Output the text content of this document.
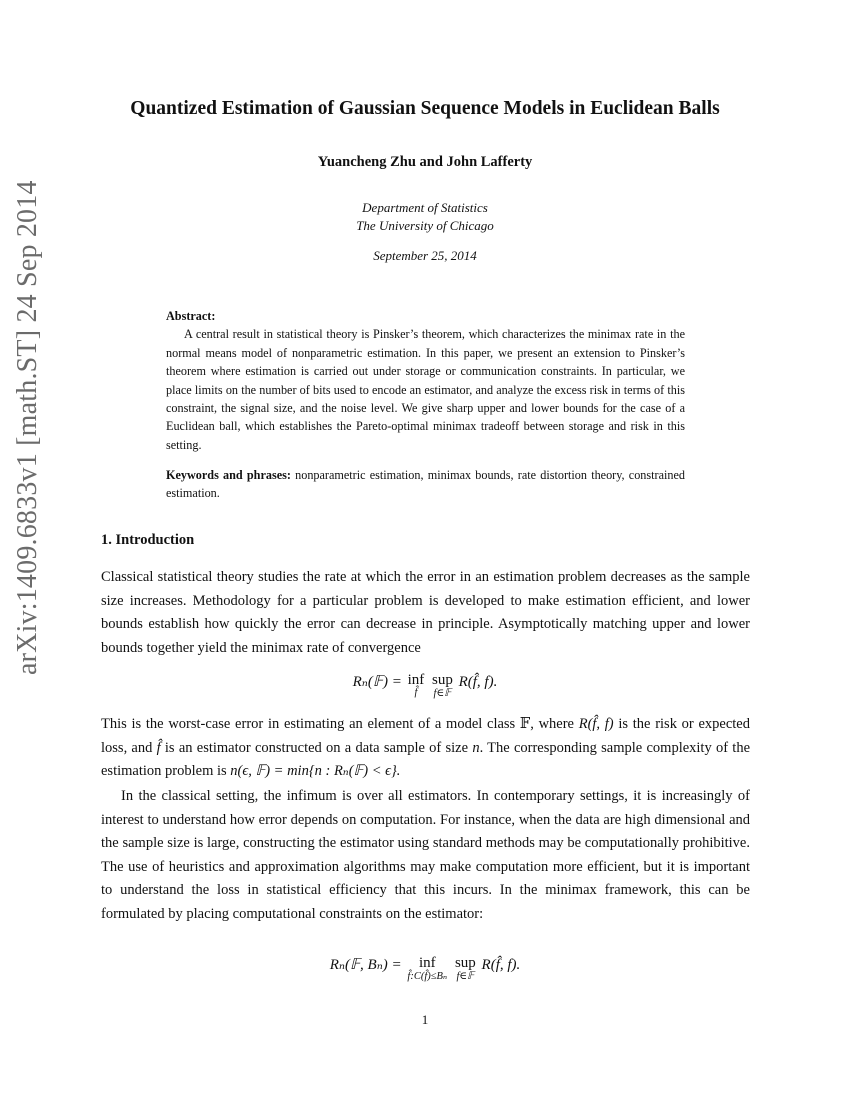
arXiv:1409.6833v1 [math.ST] 24 Sep 2014
Quantized Estimation of Gaussian Sequence Models in Euclidean Balls
Yuancheng Zhu and John Lafferty
Department of Statistics
The University of Chicago
September 25, 2014
Abstract:

A central result in statistical theory is Pinsker’s theorem, which characterizes the minimax rate in the normal means model of nonparametric estimation. In this paper, we present an extension to Pinsker’s theorem where estimation is carried out under storage or communication constraints. In particular, we place limits on the number of bits used to encode an estimator, and analyze the excess risk in terms of this constraint, the signal size, and the noise level. We give sharp upper and lower bounds for the case of a Euclidean ball, which establishes the Pareto-optimal minimax tradeoff between storage and risk in this setting.

Keywords and phrases: nonparametric estimation, minimax bounds, rate distortion theory, constrained estimation.
1. Introduction

Classical statistical theory studies the rate at which the error in an estimation problem decreases as the sample size increases. Methodology for a particular problem is developed to make estimation efficient, and lower bounds establish how quickly the error can decrease in principle. Asymptotically matching upper and lower bounds together yield the minimax rate of convergence

Rₙ(𝔽) = inf
f̂
sup
f∈𝔽
R(f̂, f).

This is the worst-case error in estimating an element of a model class 𝔽, where R(f̂, f) is the risk or expected loss, and f̂ is an estimator constructed on a data sample of size n. The corresponding sample complexity of the estimation problem is n(ϵ, 𝔽) = min{n : Rₙ(𝔽) < ϵ}.

In the classical setting, the infimum is over all estimators. In contemporary settings, it is increasingly of interest to understand how error depends on computation. For instance, when the data are high dimensional and the sample size is large, constructing the estimator using standard methods may be computationally prohibitive. The use of heuristics and approximation algorithms may make computation more efficient, but it is important to understand the loss in statistical efficiency that this incurs. In the minimax framework, this can be formulated by placing computational constraints on the estimator:

Rₙ(𝔽, Bₙ) = inf
f̂:C(f̂)≤Bₙ
sup
f∈𝔽
R(f̂, f).
1
